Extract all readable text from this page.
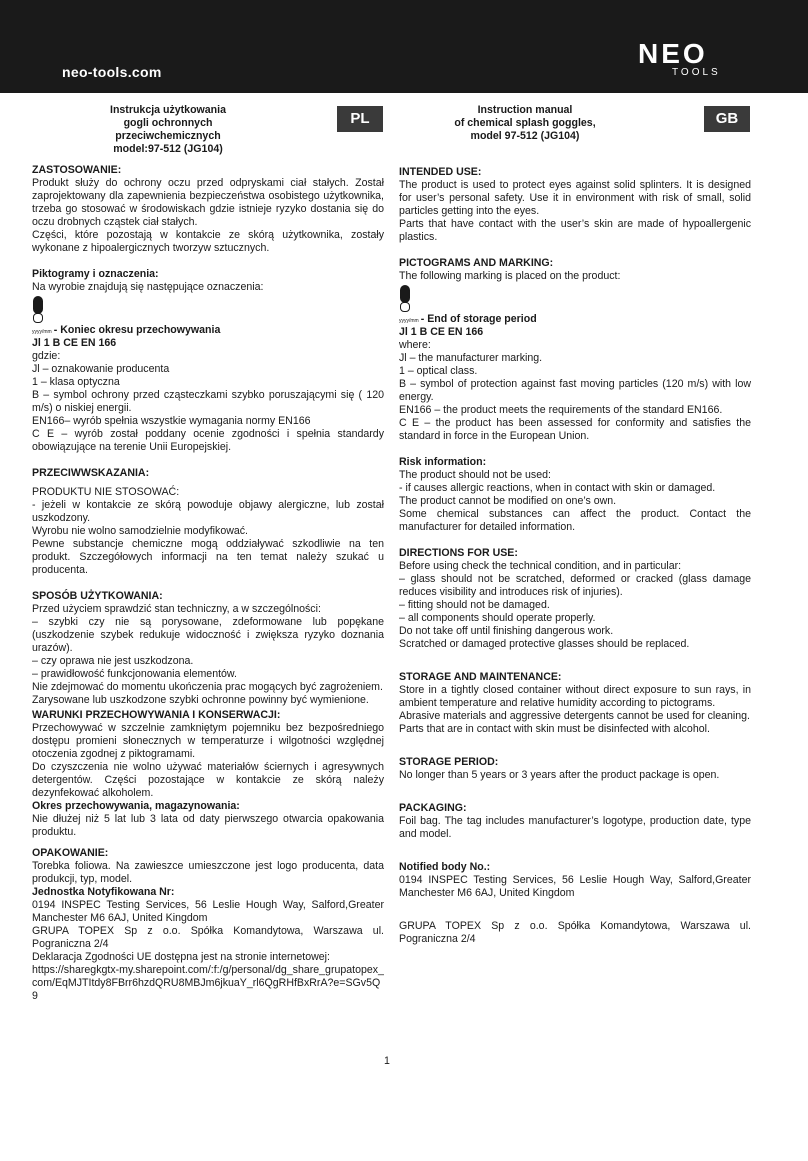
neo-tools.com
NEO
TOOLS
Instrukcja użytkowania
gogli ochronnych
przeciwchemicznych
model:97-512 (JG104)
PL
ZASTOSOWANIE:

Produkt służy do ochrony oczu przed odpryskami ciał stałych. Został zaprojektowany dla zapewnienia bezpieczeństwa osobistego użytkownika, trzeba go stosować w środowiskach gdzie istnieje ryzyko dostania się do oczu drobnych cząstek ciał stałych.

Części, które pozostają w kontakcie ze skórą użytkownika, zostały wykonane z hipoalergicznych tworzyw sztucznych.

Piktogramy i oznaczenia:

Na wyrobie znajdują się następujące oznaczenia:

yyyy/mm - Koniec okresu przechowywania
Jl 1 B CE EN 166

gdzie:

Jl – oznakowanie producenta

1 – klasa optyczna

B – symbol ochrony przed cząsteczkami szybko poruszającymi się ( 120 m/s) o niskiej energii.

EN166– wyrób spełnia wszystkie wymagania normy EN166

C E – wyrób został poddany ocenie zgodności i spełnia standardy obowiązujące na terenie Unii Europejskiej.

PRZECIWWSKAZANIA:

PRODUKTU NIE STOSOWAĆ:

- jeżeli w kontakcie ze skórą powoduje objawy alergiczne, lub został uszkodzony.

Wyrobu nie wolno samodzielnie modyfikować.

Pewne substancje chemiczne mogą oddziaływać szkodliwie na ten produkt. Szczegółowych informacji na ten temat należy szukać u producenta.

SPOSÓB UŻYTKOWANIA:

Przed użyciem sprawdzić stan techniczny, a w szczególności:

– szybki czy nie są porysowane, zdeformowane lub popękane (uszkodzenie szybek redukuje widoczność i zwiększa ryzyko doznania urazów).

– czy oprawa nie jest uszkodzona.

– prawidłowość funkcjonowania elementów.

Nie zdejmować do momentu ukończenia prac mogących być zagrożeniem.

Zarysowane lub uszkodzone szybki ochronne powinny być wymienione.

WARUNKI PRZECHOWYWANIA I KONSERWACJI:

Przechowywać w szczelnie zamkniętym pojemniku bez bezpośredniego dostępu promieni słonecznych w temperaturze i wilgotności względnej otoczenia zgodnej z piktogramami.

Do czyszczenia nie wolno używać materiałów ściernych i agresywnych detergentów. Części pozostające w kontakcie ze skórą należy dezynfekować alkoholem.

Okres przechowywania, magazynowania:

Nie dłużej niż 5 lat lub 3 lata od daty pierwszego otwarcia opakowania produktu.

OPAKOWANIE:

Torebka foliowa. Na zawieszce umieszczone jest logo producenta, data produkcji, typ, model.

Jednostka Notyfikowana Nr:

0194 INSPEC Testing Services, 56 Leslie Hough Way, Salford,Greater Manchester M6 6AJ, United Kingdom

GRUPA TOPEX Sp z o.o. Spółka Komandytowa, Warszawa ul. Pograniczna 2/4

Deklaracja Zgodności UE dostępna jest na stronie internetowej:

https://sharegkgtx-my.sharepoint.com/:f:/g/personal/dg_share_grupatopex_com/EqMJTItdy8FBrr6hzdQRU8MBJm6jkuaY_rl6QgRHfBxRrA?e=SGv5Q9

Instruction manual
of chemical splash goggles,
model 97-512 (JG104)
GB
INTENDED USE:

The product is used to protect eyes against solid splinters. It is designed for user’s personal safety. Use it in environment with risk of small, solid particles getting into the eyes.

Parts that have contact with the user’s skin are made of hypoallergenic plastics.

PICTOGRAMS AND MARKING:

The following marking is placed on the product:

yyyy/mm - End of storage period
Jl 1 B CE EN 166

where:

Jl – the manufacturer marking.

1 – optical class.

B – symbol of protection against fast moving particles (120 m/s) with low energy.

EN166 – the product meets the requirements of the standard EN166.

C E – the product has been assessed for conformity and satisfies the standard in force in the European Union.

Risk information:

The product should not be used:

- if causes allergic reactions, when in contact with skin or damaged.

The product cannot be modified on one’s own.

Some chemical substances can affect the product. Contact the manufacturer for detailed information.

DIRECTIONS FOR USE:

Before using check the technical condition, and in particular:

– glass should not be scratched, deformed or cracked (glass damage reduces visibility and introduces risk of injuries).

– fitting should not be damaged.

– all components should operate properly.

Do not take off until finishing dangerous work.

Scratched or damaged protective glasses should be replaced.

STORAGE AND MAINTENANCE:

Store in a tightly closed container without direct exposure to sun rays, in ambient temperature and relative humidity according to pictograms.

Abrasive materials and aggressive detergents cannot be used for cleaning.

Parts that are in contact with skin must be disinfected with alcohol.

STORAGE PERIOD:

No longer than 5 years or 3 years after the product package is open.

PACKAGING:

Foil bag. The tag includes manufacturer’s logotype, production date, type and model.

Notified body No.:

0194 INSPEC Testing Services, 56 Leslie Hough Way, Salford,Greater Manchester M6 6AJ, United Kingdom

GRUPA TOPEX Sp z o.o. Spółka Komandytowa, Warszawa ul. Pograniczna 2/4

1
